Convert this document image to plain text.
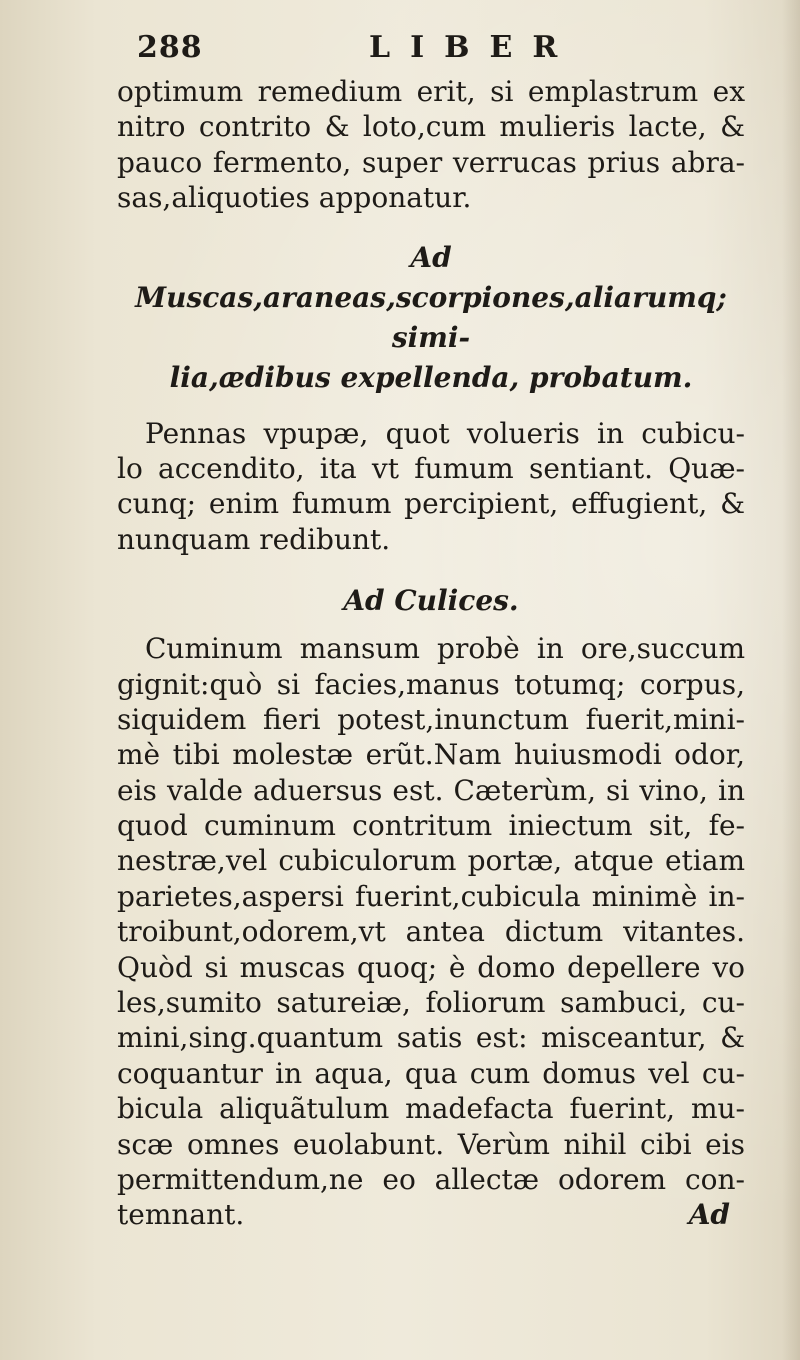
288	LIBER
optimum remedium erit, si emplastrum ex
nitro contrito & loto,cum mulieris lacte, &
pauco fermento, super verrucas prius abra-
sas,aliquoties apponatur.
Ad Muscas,araneas,scorpiones,aliarumq; simi-
lia,ædibus expellenda, probatum.
Pennas vpupæ, quot volueris in cubicu-
lo accendito, ita vt fumum sentiant. Quæ-
cunq; enim fumum percipient, effugient, &
nunquam redibunt.
Ad Culices.
Cuminum mansum probè in ore,succum
gignit:quò si facies,manus totumq; corpus,
siquidem fieri potest,inunctum fuerit,mini-
mè tibi molestæ erũt.Nam huiusmodi odor,
eis valde aduersus est. Cæterùm, si vino, in
quod cuminum contritum iniectum sit, fe-
nestræ,vel cubiculorum portæ, atque etiam
parietes,aspersi fuerint,cubicula minimè in-
troibunt,odorem,vt antea dictum vitantes.
Quòd si muscas quoq; è domo depellere vo
les,sumito satureiæ, foliorum sambuci, cu-
mini,sing.quantum satis est: misceantur, &
coquantur in aqua, qua cum domus vel cu-
bicula aliquãtulum madefacta fuerint, mu-
scæ omnes euolabunt. Verùm nihil cibi eis
permittendum,ne eo allectæ odorem con-
temnant.	Ad
